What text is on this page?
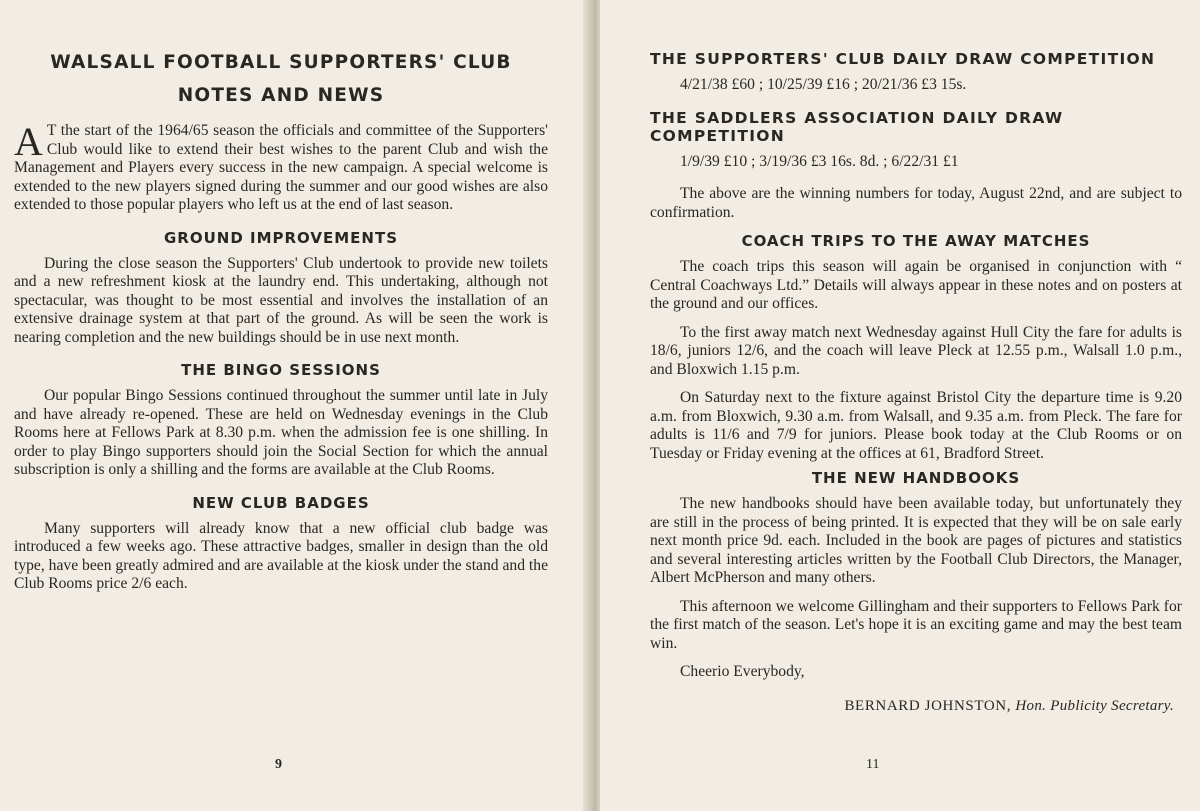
WALSALL FOOTBALL SUPPORTERS' CLUB
NOTES AND NEWS

A T the start of the 1964/65 season the officials and committee of the Supporters' Club would like to extend their best wishes to the parent Club and wish the Management and Players every success in the new campaign. A special welcome is extended to the new players signed during the summer and our good wishes are also extended to those popular players who left us at the end of last season.

GROUND IMPROVEMENTS

During the close season the Supporters' Club undertook to provide new toilets and a new refreshment kiosk at the laundry end. This undertaking, although not spectacular, was thought to be most essential and involves the installation of an extensive drainage system at that part of the ground. As will be seen the work is nearing completion and the new buildings should be in use next month.

THE BINGO SESSIONS

Our popular Bingo Sessions continued throughout the summer until late in July and have already re-opened. These are held on Wednesday evenings in the Club Rooms here at Fellows Park at 8.30 p.m. when the admission fee is one shilling. In order to play Bingo supporters should join the Social Section for which the annual subscription is only a shilling and the forms are available at the Club Rooms.

NEW CLUB BADGES

Many supporters will already know that a new official club badge was introduced a few weeks ago. These attractive badges, smaller in design than the old type, have been greatly admired and are available at the kiosk under the stand and the Club Rooms price 2/6 each.

9
THE SUPPORTERS' CLUB DAILY DRAW COMPETITION

4/21/38 £60 ; 10/25/39 £16 ; 20/21/36 £3 15s.

THE SADDLERS ASSOCIATION DAILY DRAW COMPETITION

1/9/39 £10 ; 3/19/36 £3 16s. 8d. ; 6/22/31 £1

The above are the winning numbers for today, August 22nd, and are subject to confirmation.

COACH TRIPS TO THE AWAY MATCHES

The coach trips this season will again be organised in conjunction with “ Central Coachways Ltd.” Details will always appear in these notes and on posters at the ground and our offices.

To the first away match next Wednesday against Hull City the fare for adults is 18/6, juniors 12/6, and the coach will leave Pleck at 12.55 p.m., Walsall 1.0 p.m., and Bloxwich 1.15 p.m.

On Saturday next to the fixture against Bristol City the departure time is 9.20 a.m. from Bloxwich, 9.30 a.m. from Walsall, and 9.35 a.m. from Pleck. The fare for adults is 11/6 and 7/9 for juniors. Please book today at the Club Rooms or on Tuesday or Friday evening at the offices at 61, Bradford Street.

THE NEW HANDBOOKS

The new handbooks should have been available today, but unfortunately they are still in the process of being printed. It is expected that they will be on sale early next month price 9d. each. Included in the book are pages of pictures and statistics and several interesting articles written by the Football Club Directors, the Manager, Albert McPherson and many others.

This afternoon we welcome Gillingham and their supporters to Fellows Park for the first match of the season. Let's hope it is an exciting game and may the best team win.

Cheerio Everybody,

BERNARD JOHNSTON, Hon. Publicity Secretary.
11
